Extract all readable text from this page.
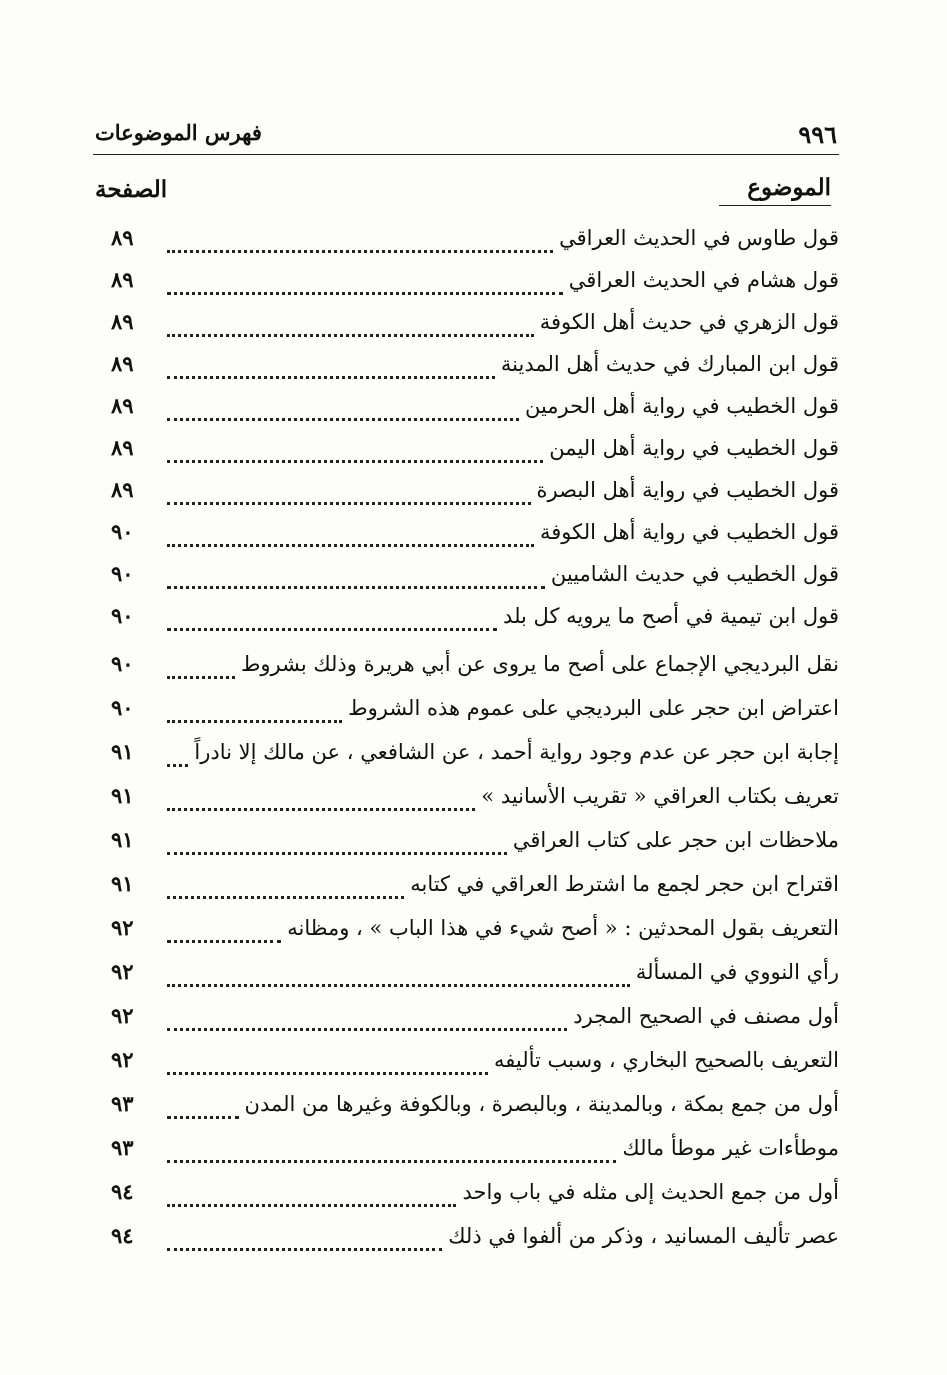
٩٩٦
فهرس الموضوعات
الموضوع
الصفحة
قول طاوس في الحديث العراقي
٨٩
قول هشام في الحديث العراقي
٨٩
قول الزهري في حديث أهل الكوفة
٨٩
قول ابن المبارك في حديث أهل المدينة
٨٩
قول الخطيب في رواية أهل الحرمين
٨٩
قول الخطيب في رواية أهل اليمن
٨٩
قول الخطيب في رواية أهل البصرة
٨٩
قول الخطيب في رواية أهل الكوفة
٩٠
قول الخطيب في حديث الشاميين
٩٠
قول ابن تيمية في أصح ما يرويه كل بلد
٩٠
نقل البرديجي الإجماع على أصح ما يروى عن أبي هريرة وذلك بشروط
٩٠
اعتراض ابن حجر على البرديجي على عموم هذه الشروط
٩٠
إجابة ابن حجر عن عدم وجود رواية أحمد ، عن الشافعي ، عن مالك إلا نادراً
٩١
تعريف بكتاب العراقي « تقريب الأسانيد »
٩١
ملاحظات ابن حجر على كتاب العراقي
٩١
اقتراح ابن حجر لجمع ما اشترط العراقي في كتابه
٩١
التعريف بقول المحدثين : « أصح شيء في هذا الباب » ، ومظانه
٩٢
رأي النووي في المسألة
٩٢
أول مصنف في الصحيح المجرد
٩٢
التعريف بالصحيح البخاري ، وسبب تأليفه
٩٢
أول من جمع بمكة ، وبالمدينة ، وبالبصرة ، وبالكوفة وغيرها من المدن
٩٣
موطأءات غير موطأ مالك
٩٣
أول من جمع الحديث إلى مثله في باب واحد
٩٤
عصر تأليف المسانيد ، وذكر من ألفوا في ذلك
٩٤
